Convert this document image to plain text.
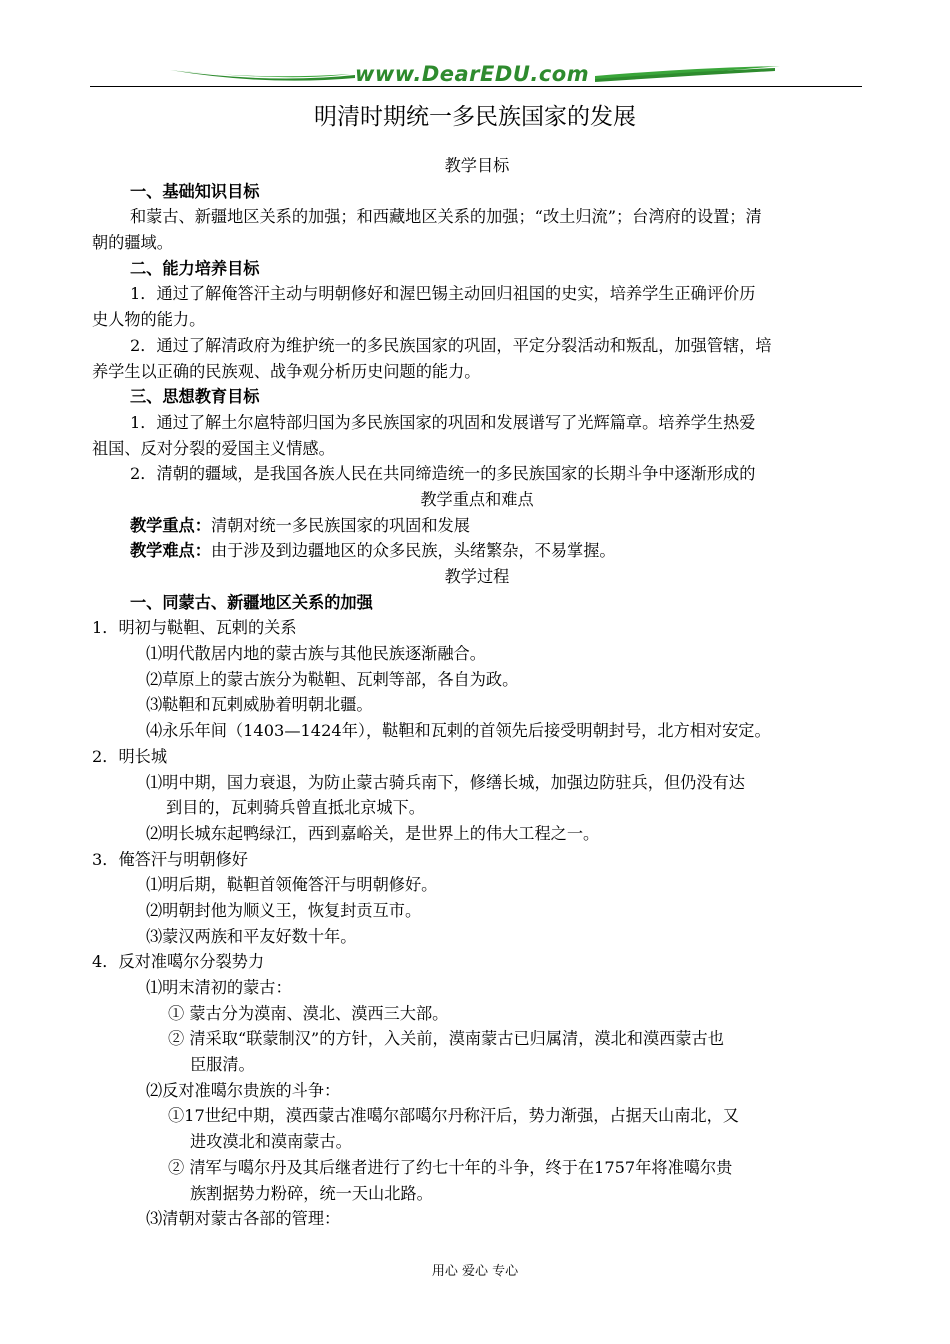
www.DearEDU.com
明清时期统一多民族国家的发展
教学目标
一、基础知识目标
和蒙古、新疆地区关系的加强；和西藏地区关系的加强；“改土归流”；台湾府的设置；清
朝的疆域。
二、能力培养目标
1．通过了解俺答汗主动与明朝修好和渥巴锡主动回归祖国的史实，培养学生正确评价历
史人物的能力。
2．通过了解清政府为维护统一的多民族国家的巩固，平定分裂活动和叛乱，加强管辖，培
养学生以正确的民族观、战争观分析历史问题的能力。
三、思想教育目标
1．通过了解土尔扈特部归国为多民族国家的巩固和发展谱写了光辉篇章。培养学生热爱
祖国、反对分裂的爱国主义情感。
2．清朝的疆域，是我国各族人民在共同缔造统一的多民族国家的长期斗争中逐渐形成的
教学重点和难点
教学重点：清朝对统一多民族国家的巩固和发展
教学难点：由于涉及到边疆地区的众多民族，头绪繁杂，不易掌握。
教学过程
一、同蒙古、新疆地区关系的加强
1．明初与鞑靼、瓦剌的关系
⑴明代散居内地的蒙古族与其他民族逐渐融合。
⑵草原上的蒙古族分为鞑靼、瓦剌等部，各自为政。
⑶鞑靼和瓦剌威胁着明朝北疆。
⑷永乐年间（1403—1424年），鞑靼和瓦剌的首领先后接受明朝封号，北方相对安定。
2．明长城
⑴明中期，国力衰退，为防止蒙古骑兵南下，修缮长城，加强边防驻兵，但仍没有达
到目的，瓦剌骑兵曾直抵北京城下。
⑵明长城东起鸭绿江，西到嘉峪关，是世界上的伟大工程之一。
3．俺答汗与明朝修好
⑴明后期，鞑靼首领俺答汗与明朝修好。
⑵明朝封他为顺义王，恢复封贡互市。
⑶蒙汉两族和平友好数十年。
4．反对准噶尔分裂势力
⑴明末清初的蒙古：
① 蒙古分为漠南、漠北、漠西三大部。
② 清采取“联蒙制汉”的方针，入关前，漠南蒙古已归属清，漠北和漠西蒙古也
臣服清。
⑵反对准噶尔贵族的斗争：
①17世纪中期，漠西蒙古准噶尔部噶尔丹称汗后，势力渐强，占据天山南北，又
进攻漠北和漠南蒙古。
② 清军与噶尔丹及其后继者进行了约七十年的斗争，终于在1757年将准噶尔贵
族割据势力粉碎，统一天山北路。
⑶清朝对蒙古各部的管理：
用心 爱心 专心
